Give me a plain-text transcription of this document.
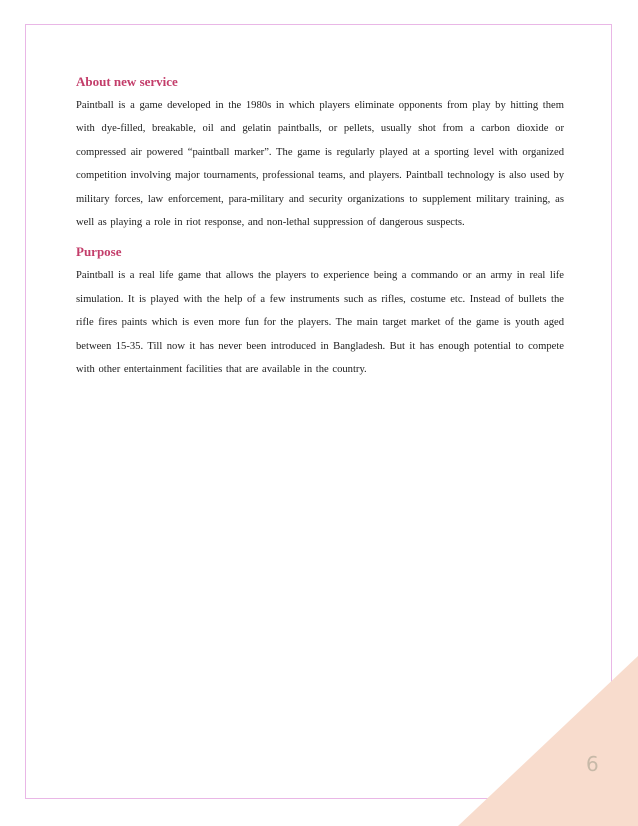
About new service

Paintball is a game developed in the 1980s in which players eliminate opponents from play by hitting them with dye-filled, breakable, oil and gelatin paintballs, or pellets, usually shot from a carbon dioxide or compressed air powered “paintball marker”. The game is regularly played at a sporting level with organized competition involving major tournaments, professional teams, and players. Paintball technology is also used by military forces, law enforcement, para-military and security organizations to supplement military training, as well as playing a role in riot response, and non-lethal suppression of dangerous suspects.

Purpose

Paintball is a real life game that allows the players to experience being a commando or an army in real life simulation. It is played with the help of a few instruments such as rifles, costume etc. Instead of bullets the rifle fires paints which is even more fun for the players. The main target market of the game is youth aged between 15-35. Till now it has never been introduced in Bangladesh. But it has enough potential to compete with other entertainment facilities that are available in the country.

6
